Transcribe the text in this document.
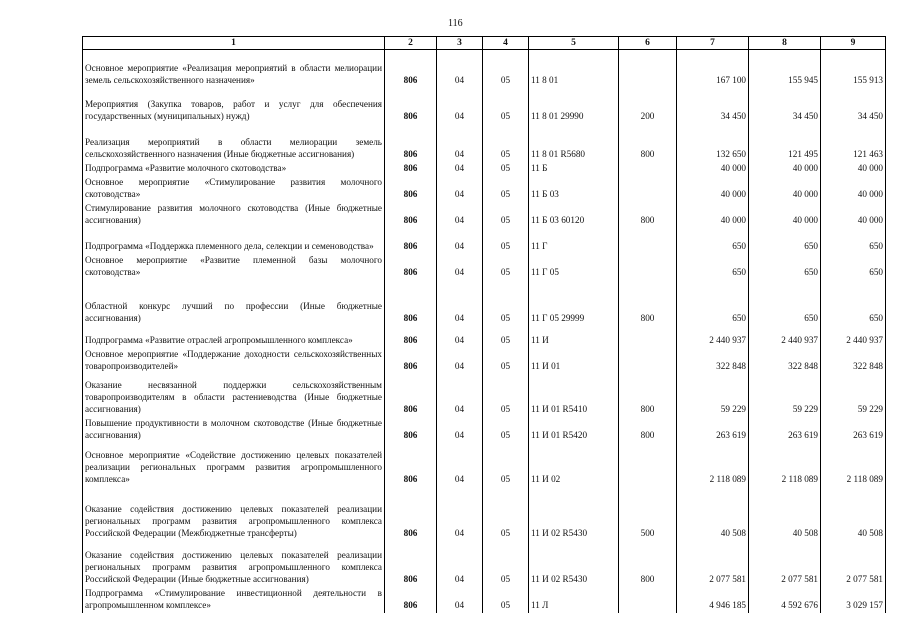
116
1	2	3	4	5	6	7	8	9
Основное мероприятие «Реализация мероприятий в области мелиорации земель сельскохозяйственного назначения»	806	04	05	11 8 01		167 100	155 945	155 913
Мероприятия (Закупка товаров, работ и услуг для обеспечения государственных (муниципальных) нужд)	806	04	05	11 8 01 29990	200	34 450	34 450	34 450
Реализация мероприятий в области мелиорации земель сельскохозяйственного назначения (Иные бюджетные ассигнования)	806	04	05	11 8 01 R5680	800	132 650	121 495	121 463
Подпрограмма «Развитие молочного скотоводства»	806	04	05	11 Б		40 000	40 000	40 000
Основное мероприятие «Стимулирование развития молочного скотоводства»	806	04	05	11 Б 03		40 000	40 000	40 000
Стимулирование развития молочного скотоводства (Иные бюджетные ассигнования)	806	04	05	11 Б 03 60120	800	40 000	40 000	40 000
Подпрограмма «Поддержка племенного дела, селекции и семеноводства»	806	04	05	11 Г		650	650	650
Основное мероприятие «Развитие племенной базы молочного скотоводства»	806	04	05	11 Г 05		650	650	650
Областной конкурс лучший по профессии (Иные бюджетные ассигнования)	806	04	05	11 Г 05 29999	800	650	650	650
Подпрограмма «Развитие отраслей агропромышленного комплекса»	806	04	05	11 И		2 440 937	2 440 937	2 440 937
Основное мероприятие «Поддержание доходности сельскохозяйственных товаропроизводителей»	806	04	05	11 И 01		322 848	322 848	322 848
Оказание несвязанной поддержки сельскохозяйственным товаропроизводителям в области растениеводства (Иные бюджетные ассигнования)	806	04	05	11 И 01 R5410	800	59 229	59 229	59 229
Повышение продуктивности в молочном скотоводстве (Иные бюджетные ассигнования)	806	04	05	11 И 01 R5420	800	263 619	263 619	263 619
Основное мероприятие «Содействие достижению целевых показателей реализации региональных программ развития агропромышленного комплекса»	806	04	05	11 И 02		2 118 089	2 118 089	2 118 089
Оказание содействия достижению целевых показателей реализации региональных программ развития агропромышленного комплекса Российской Федерации (Межбюджетные трансферты)	806	04	05	11 И 02 R5430	500	40 508	40 508	40 508
Оказание содействия достижению целевых показателей реализации региональных программ развития агропромышленного комплекса Российской Федерации (Иные бюджетные ассигнования)	806	04	05	11 И 02 R5430	800	2 077 581	2 077 581	2 077 581
Подпрограмма «Стимулирование инвестиционной деятельности в агропромышленном комплексе»	806	04	05	11 Л		4 946 185	4 592 676	3 029 157
